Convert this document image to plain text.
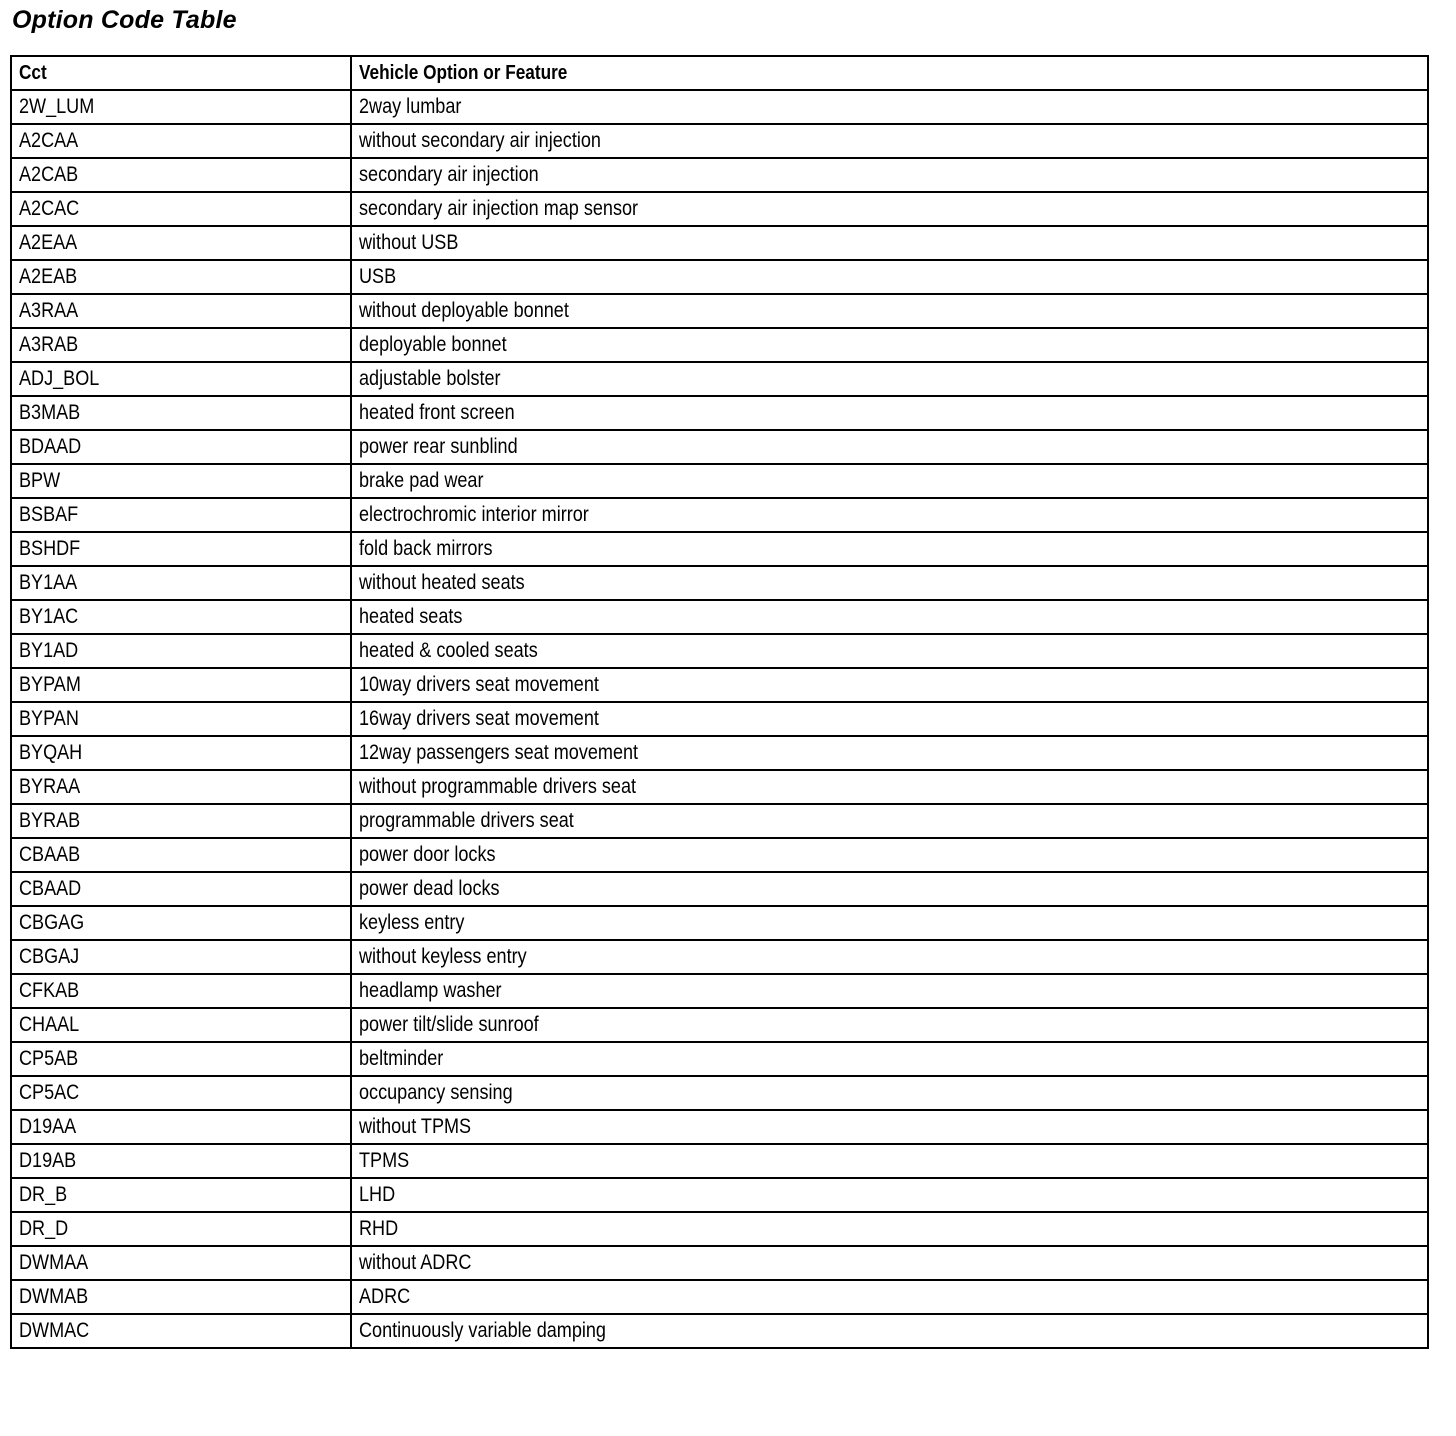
Option Code Table
Cct	Vehicle Option or Feature
2W_LUM	2way lumbar
A2CAA	without secondary air injection
A2CAB	secondary air injection
A2CAC	secondary air injection map sensor
A2EAA	without USB
A2EAB	USB
A3RAA	without deployable bonnet
A3RAB	deployable bonnet
ADJ_BOL	adjustable bolster
B3MAB	heated front screen
BDAAD	power rear sunblind
BPW	brake pad wear
BSBAF	electrochromic interior mirror
BSHDF	fold back mirrors
BY1AA	without heated seats
BY1AC	heated seats
BY1AD	heated & cooled seats
BYPAM	10way drivers seat movement
BYPAN	16way drivers seat movement
BYQAH	12way passengers seat movement
BYRAA	without programmable drivers seat
BYRAB	programmable drivers seat
CBAAB	power door locks
CBAAD	power dead locks
CBGAG	keyless entry
CBGAJ	without keyless entry
CFKAB	headlamp washer
CHAAL	power tilt/slide sunroof
CP5AB	beltminder
CP5AC	occupancy sensing
D19AA	without TPMS
D19AB	TPMS
DR_B	LHD
DR_D	RHD
DWMAA	without ADRC
DWMAB	ADRC
DWMAC	Continuously variable damping
